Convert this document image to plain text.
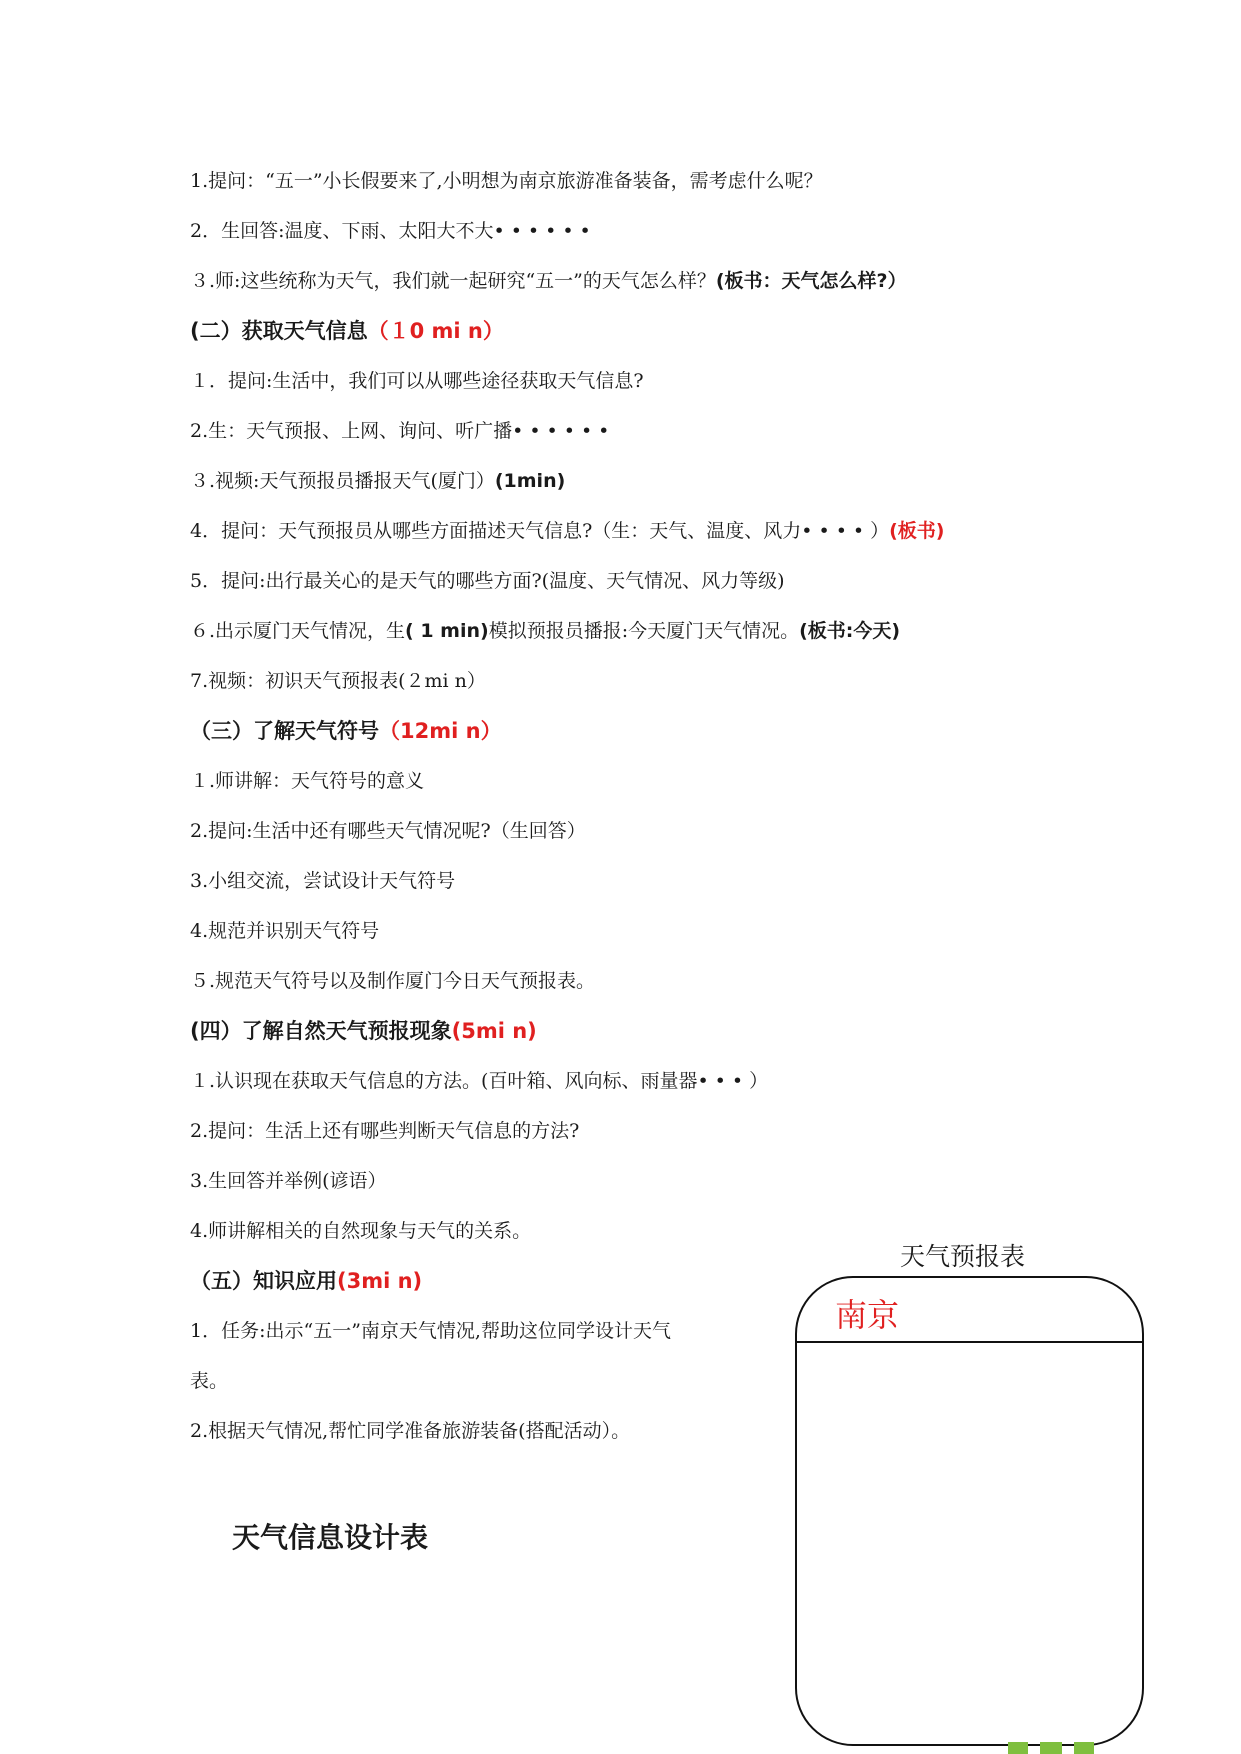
1.提问：“五一”小长假要来了,小明想为南京旅游准备装备，需考虑什么呢？
2．生回答:温度、下雨、太阳大不大••••••
３.师:这些统称为天气，我们就一起研究“五一”的天气怎么样？(板书：天气怎么样?）
(二）获取天气信息（１0 mi n）
１．提问:生活中，我们可以从哪些途径获取天气信息?
2.生：天气预报、上网、询问、听广播••••••
３.视频:天气预报员播报天气(厦门）(1min)
4．提问：天气预报员从哪些方面描述天气信息?（生：天气、温度、风力••••）(板书)
5．提问:出行最关心的是天气的哪些方面?(温度、天气情况、风力等级)
６.出示厦门天气情况，生( 1 min)模拟预报员播报:今天厦门天气情况。(板书:今天)
7.视频：初识天气预报表(２mi n）
（三）了解天气符号（12mi n）
１.师讲解：天气符号的意义
2.提问:生活中还有哪些天气情况呢?（生回答）
3.小组交流，尝试设计天气符号
4.规范并识别天气符号
５.规范天气符号以及制作厦门今日天气预报表。
(四）了解自然天气预报现象(5mi n)
１.认识现在获取天气信息的方法。(百叶箱、风向标、雨量器•••）
2.提问：生活上还有哪些判断天气信息的方法?
3.生回答并举例(谚语）
4.师讲解相关的自然现象与天气的关系。
（五）知识应用(3mi n)
1．任务:出示“五一”南京天气情况,帮助这位同学设计天气
表。
2.根据天气情况,帮忙同学准备旅游装备(搭配活动）。
天气信息设计表
天气预报表
南京
